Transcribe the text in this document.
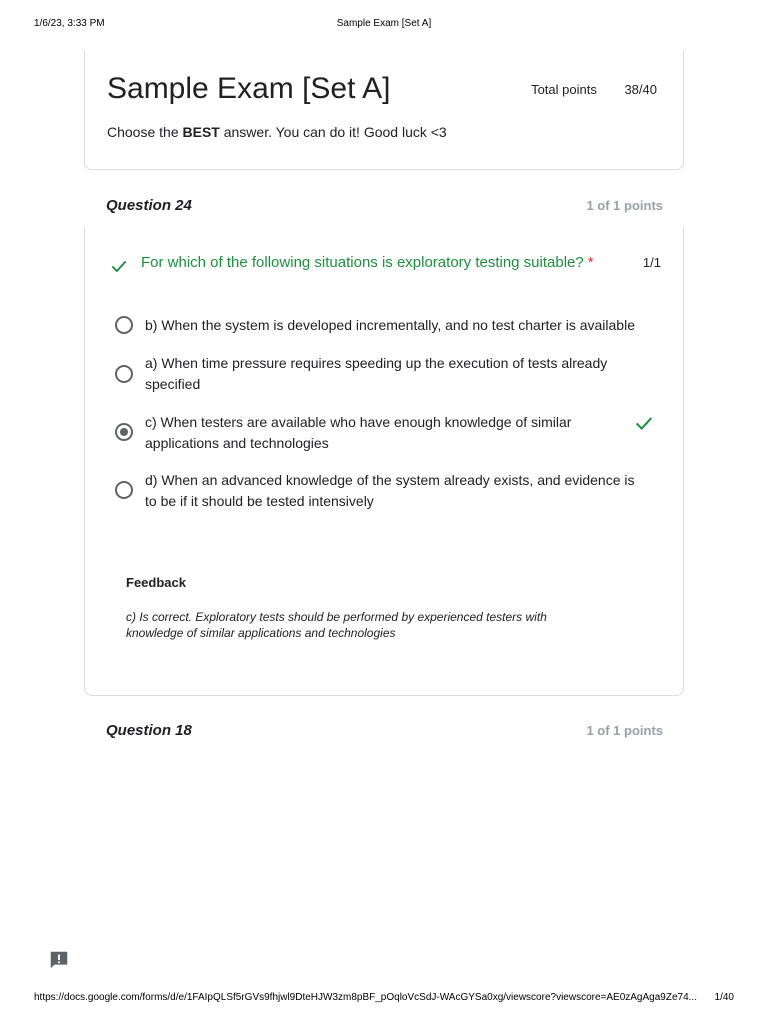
1/6/23, 3:33 PM	Sample Exam [Set A]
Sample Exam [Set A]	Total points 38/40
Choose the BEST answer. You can do it! Good luck <3
Question 24	1 of 1 points
For which of the following situations is exploratory testing suitable? *	1/1
b) When the system is developed incrementally, and no test charter is available
a) When time pressure requires speeding up the execution of tests already specified
c) When testers are available who have enough knowledge of similar applications and technologies
d) When an advanced knowledge of the system already exists, and evidence is to be if it should be tested intensively
Feedback
c) Is correct. Exploratory tests should be performed by experienced testers with knowledge of similar applications and technologies
Question 18	1 of 1 points
https://docs.google.com/forms/d/e/1FAIpQLSf5rGVs9fhjwl9DteHJW3zm8pBF_pOqloVcSdJ-WAcGYSa0xg/viewscore?viewscore=AE0zAgAga9Ze74... 1/40
